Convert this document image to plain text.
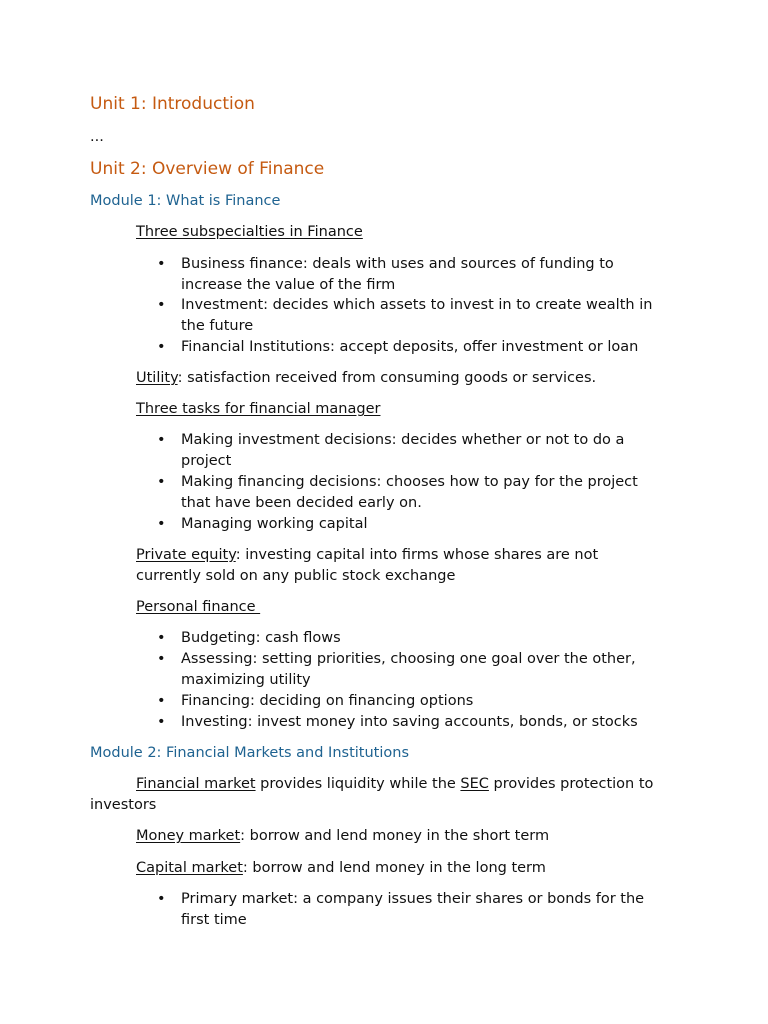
Unit 1: Introduction

...

Unit 2: Overview of Finance
Module 1: What is Finance

Three subspecialties in Finance

• Business finance: deals with uses and sources of funding to
increase the value of the firm

• Investment: decides which assets to invest in to create wealth in
the future

• Financial Institutions: accept deposits, offer investment or loan

Utility: satisfaction received from consuming goods or services.

Three tasks for financial manager

• Making investment decisions: decides whether or not to do a
project

• Making financing decisions: chooses how to pay for the project
that have been decided early on.

• Managing working capital

Private equity: investing capital into firms whose shares are not
currently sold on any public stock exchange

Personal finance

• Budgeting: cash flows

• Assessing: setting priorities, choosing one goal over the other,
maximizing utility

• Financing: deciding on financing options

• Investing: invest money into saving accounts, bonds, or stocks

Module 2: Financial Markets and Institutions

Financial market provides liquidity while the SEC provides protection to

investors

Money market: borrow and lend money in the short term

Capital market: borrow and lend money in the long term

• Primary market: a company issues their shares or bonds for the
first time
